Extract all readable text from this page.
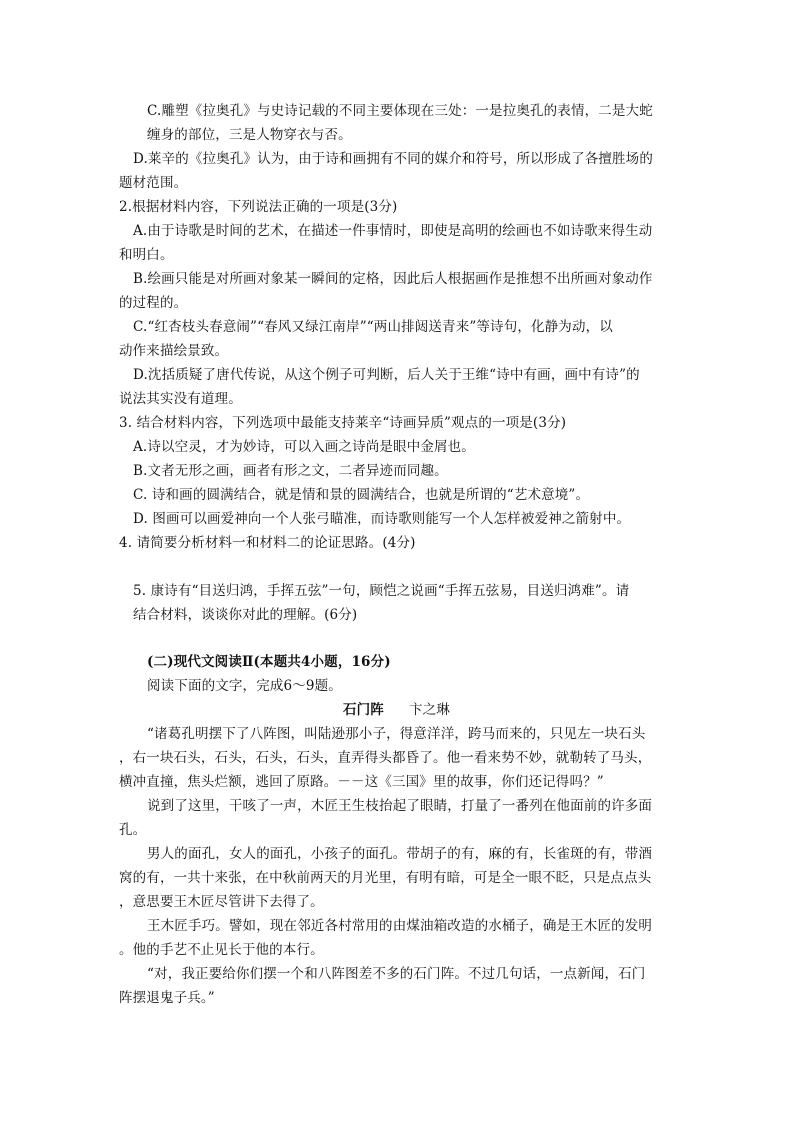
C.雕塑《拉奥孔》与史诗记载的不同主要体现在三处：一是拉奥孔的表情，二是大蛇
缠身的部位，三是人物穿衣与否。
D.莱辛的《拉奥孔》认为，由于诗和画拥有不同的媒介和符号，所以形成了各擅胜场的
题材范围。
2.根据材料内容，下列说法正确的一项是(3分)
A.由于诗歌是时间的艺术，在描述一件事情时，即使是高明的绘画也不如诗歌来得生动
和明白。
B.绘画只能是对所画对象某一瞬间的定格，因此后人根据画作是推想不出所画对象动作
的过程的。
C.“红杏枝头春意闹”“春风又绿江南岸”“两山排闼送青来”等诗句，化静为动，以
动作来描绘景致。
D.沈括质疑了唐代传说，从这个例子可判断，后人关于王维“诗中有画，画中有诗”的
说法其实没有道理。
3. 结合材料内容，下列选项中最能支持莱辛“诗画异质”观点的一项是(3分)
A.诗以空灵，才为妙诗，可以入画之诗尚是眼中金屑也。
B.文者无形之画，画者有形之文，二者异迹而同趣。
C. 诗和画的圆满结合，就是情和景的圆满结合，也就是所谓的“艺术意境”。
D. 图画可以画爱神向一个人张弓瞄准，而诗歌则能写一个人怎样被爱神之箭射中。
4. 请简要分析材料一和材料二的论证思路。(4分)
5. 康诗有“目送归鸿，手挥五弦”一句，顾恺之说画“手挥五弦易，目送归鸿难”。请
结合材料，谈谈你对此的理解。(6分)
(二)现代文阅读Ⅱ(本题共4小题，16分)
阅读下面的文字，完成6～9题。
石门阵 卞之琳
“诸葛孔明摆下了八阵图，叫陆逊那小子，得意洋洋，跨马而来的，只见左一块石头
，右一块石头，石头，石头，石头，直弄得头都昏了。他一看来势不妙，就勒转了马头，
横冲直撞，焦头烂额，逃回了原路。－－这《三国》里的故事，你们还记得吗？”
说到了这里，干咳了一声，木匠王生枝抬起了眼睛，打量了一番列在他面前的许多面
孔。
男人的面孔，女人的面孔，小孩子的面孔。带胡子的有，麻的有，长雀斑的有，带酒
窝的有，一共十来张，在中秋前两天的月光里，有明有暗，可是全一眼不眨，只是点点头
，意思要王木匠尽管讲下去得了。
王木匠手巧。譬如，现在邻近各村常用的由煤油箱改造的水桶子，确是王木匠的发明
。他的手艺不止见长于他的本行。
“对，我正要给你们摆一个和八阵图差不多的石门阵。不过几句话，一点新闻，石门
阵摆退鬼子兵。”
